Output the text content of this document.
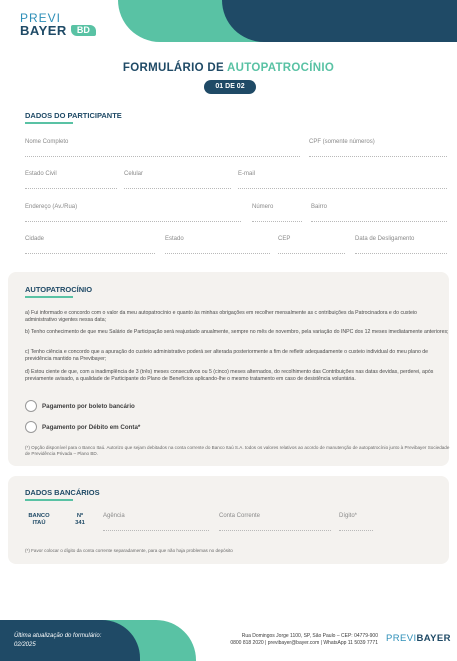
PREVI
BAYER	BD
FORMULÁRIO DE AUTOPATROCÍNIO
01 DE 02
DADOS DO PARTICIPANTE
Nome Completo	CPF (somente números)
Estado Civil	Celular	E-mail
Endereço (Av./Rua)	Número	Bairro
Cidade	Estado	CEP	Data de Desligamento
AUTOPATROCÍNIO
a) Fui informado e concordo com o valor da meu autopatrocínio e quanto às minhas obrigações em recolher mensalmente as c ontribuições da Patrocinadora e do custeio administrativo vigentes nessa data;
b) Tenho conhecimento de que meu Salário de Participação será reajustado anualmente, sempre no mês de novembro, pela variação do INPC dos 12 meses imediatamente anteriores;
c) Tenho ciência e concordo que a apuração do custeio administrativo poderá ser alterada posteriormente a fim de refletir adequadamente o custeio individual do meu plano de previdência mantido na Previbayer;
d) Estou ciente de que, com a inadimplência de 3 (três) meses consecutivos ou 5 (cinco) meses alternados, do recolhimento das Contribuições nas datas devidas, perderei, após previamente avisado, a qualidade de Participante do Plano de Benefícios aplicando-lhe o mesmo tratamento em caso de desistência voluntária.
Pagamento por boleto bancário
Pagamento por Débito em Conta*
(*) Opção disponível para o Banco Itaú. Autorizo que sejam debitados na conta corrente do Banco Itaú S.A. todos os valores relativos ao acordo de manutenção de autopatrocínio junto à Previbayer Sociedade de Previdência Privada – Plano BD.
DADOS BANCÁRIOS
BANCO
ITAÚ
Nº
341
Agência	Conta Corrente	Dígito*
(*) Favor colocar o dígito da conta corrente separadamente, para que não haja problemas no depósito
Última atualização do formulário:
02/2025
Rua Domingos Jorge 1100, SP, São Paulo – CEP: 04779-900
0800 818 2020 | previbayer@bayer.com | WhatsApp 11 5039 7771 PREVIBAYER
